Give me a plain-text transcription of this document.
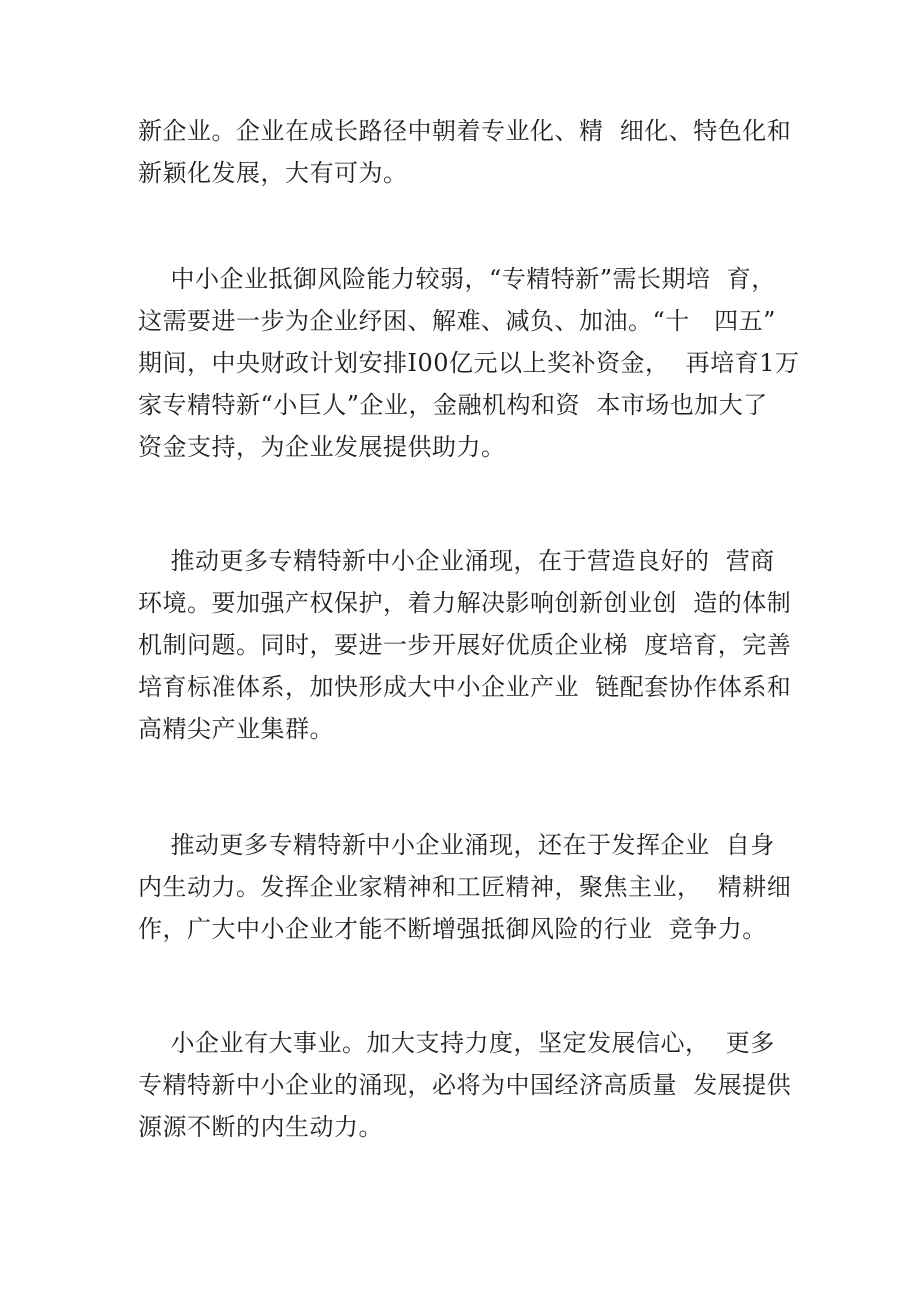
新企业。企业在成长路径中朝着专业化、精  细化、特色化和
新颖化发展，大有可为。

中小企业抵御风险能力较弱，“专精特新”需长期培  育，
这需要进一步为企业纾困、解难、减负、加油。“十   四五”
期间，中央财政计划安排I00亿元以上奖补资金，  再培育1万
家专精特新“小巨人”企业，金融机构和资  本市场也加大了
资金支持，为企业发展提供助力。

推动更多专精特新中小企业涌现，在于营造良好的  营商
环境。要加强产权保护，着力解决影响创新创业创  造的体制
机制问题。同时，要进一步开展好优质企业梯  度培育，完善
培育标准体系，加快形成大中小企业产业  链配套协作体系和
高精尖产业集群。

推动更多专精特新中小企业涌现，还在于发挥企业  自身
内生动力。发挥企业家精神和工匠精神，聚焦主业，  精耕细
作，广大中小企业才能不断增强抵御风险的行业  竞争力。

小企业有大事业。加大支持力度，坚定发展信心，  更多
专精特新中小企业的涌现，必将为中国经济高质量  发展提供
源源不断的内生动力。
